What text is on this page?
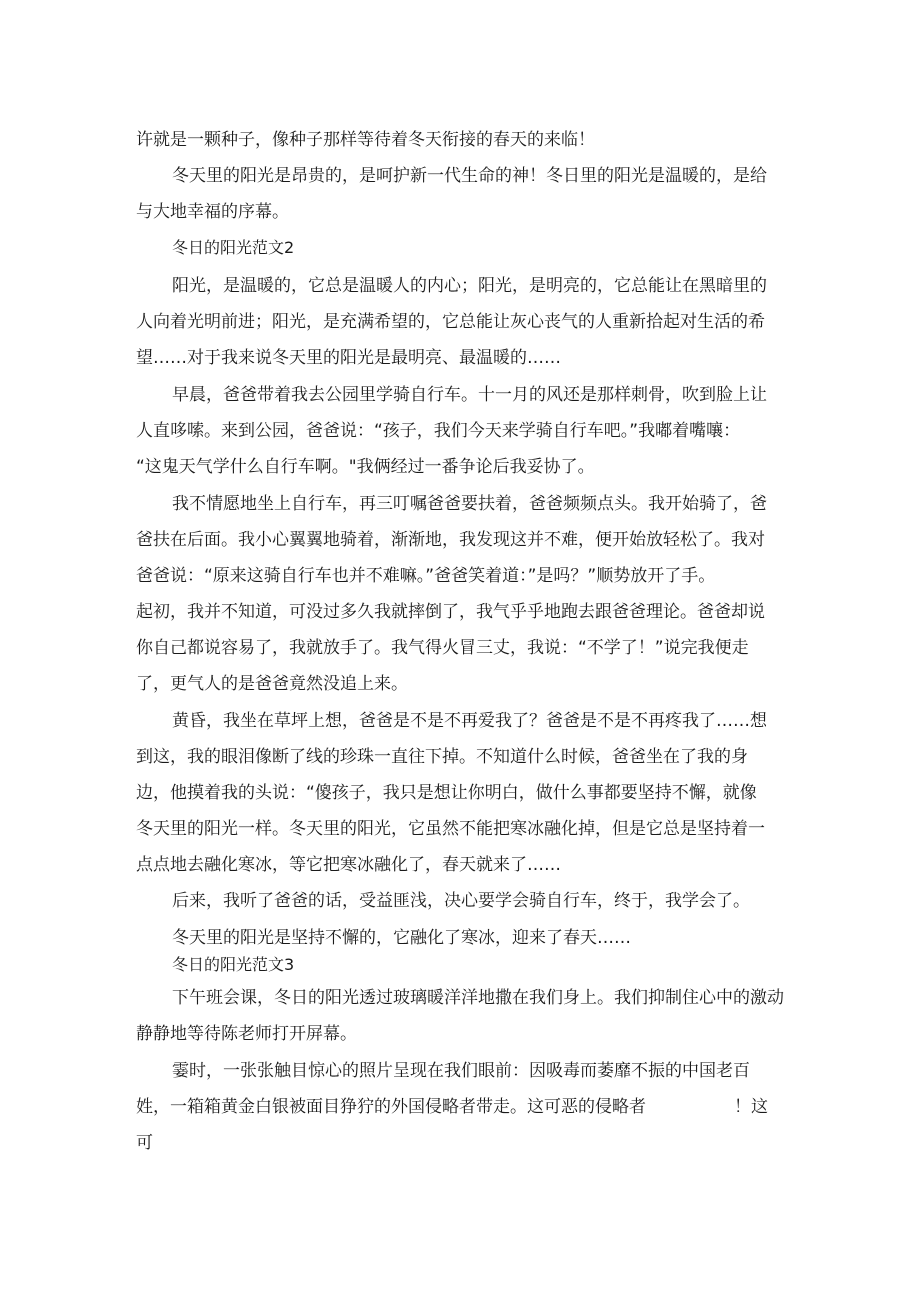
许就是一颗种子，像种子那样等待着冬天衔接的春天的来临！
冬天里的阳光是昂贵的，是呵护新一代生命的神！冬日里的阳光是温暖的，是给
与大地幸福的序幕。
冬日的阳光范文2
阳光，是温暖的，它总是温暖人的内心；阳光，是明亮的，它总能让在黑暗里的
人向着光明前进；阳光，是充满希望的，它总能让灰心丧气的人重新拾起对生活的希
望……对于我来说冬天里的阳光是最明亮、最温暖的……
早晨，爸爸带着我去公园里学骑自行车。十一月的风还是那样刺骨，吹到脸上让
人直哆嗦。来到公园，爸爸说：“孩子，我们今天来学骑自行车吧。”我嘟着嘴嚷：
“这鬼天气学什么自行车啊。"我俩经过一番争论后我妥协了。
我不情愿地坐上自行车，再三叮嘱爸爸要扶着，爸爸频频点头。我开始骑了，爸
爸扶在后面。我小心翼翼地骑着，渐渐地，我发现这并不难，便开始放轻松了。我对
爸爸说：“原来这骑自行车也并不难嘛。”爸爸笑着道：”是吗？”顺势放开了手。
起初，我并不知道，可没过多久我就摔倒了，我气乎乎地跑去跟爸爸理论。爸爸却说
你自己都说容易了，我就放手了。我气得火冒三丈，我说：“不学了！”说完我便走
了，更气人的是爸爸竟然没追上来。
黄昏，我坐在草坪上想，爸爸是不是不再爱我了？爸爸是不是不再疼我了……想
到这，我的眼泪像断了线的珍珠一直往下掉。不知道什么时候，爸爸坐在了我的身
边，他摸着我的头说：“傻孩子，我只是想让你明白，做什么事都要坚持不懈，就像
冬天里的阳光一样。冬天里的阳光，它虽然不能把寒冰融化掉，但是它总是坚持着一
点点地去融化寒冰，等它把寒冰融化了，春天就来了……
后来，我听了爸爸的话，受益匪浅，决心要学会骑自行车，终于，我学会了。
冬天里的阳光是坚持不懈的，它融化了寒冰，迎来了春天……
冬日的阳光范文3
下午班会课，冬日的阳光透过玻璃暖洋洋地撒在我们身上。我们抑制住心中的激动
静静地等待陈老师打开屏幕。
霎时，一张张触目惊心的照片呈现在我们眼前：因吸毒而萎靡不振的中国老百
姓，一箱箱黄金白银被面目狰狞的外国侵略者带走。这可恶的侵略者	！这
可
